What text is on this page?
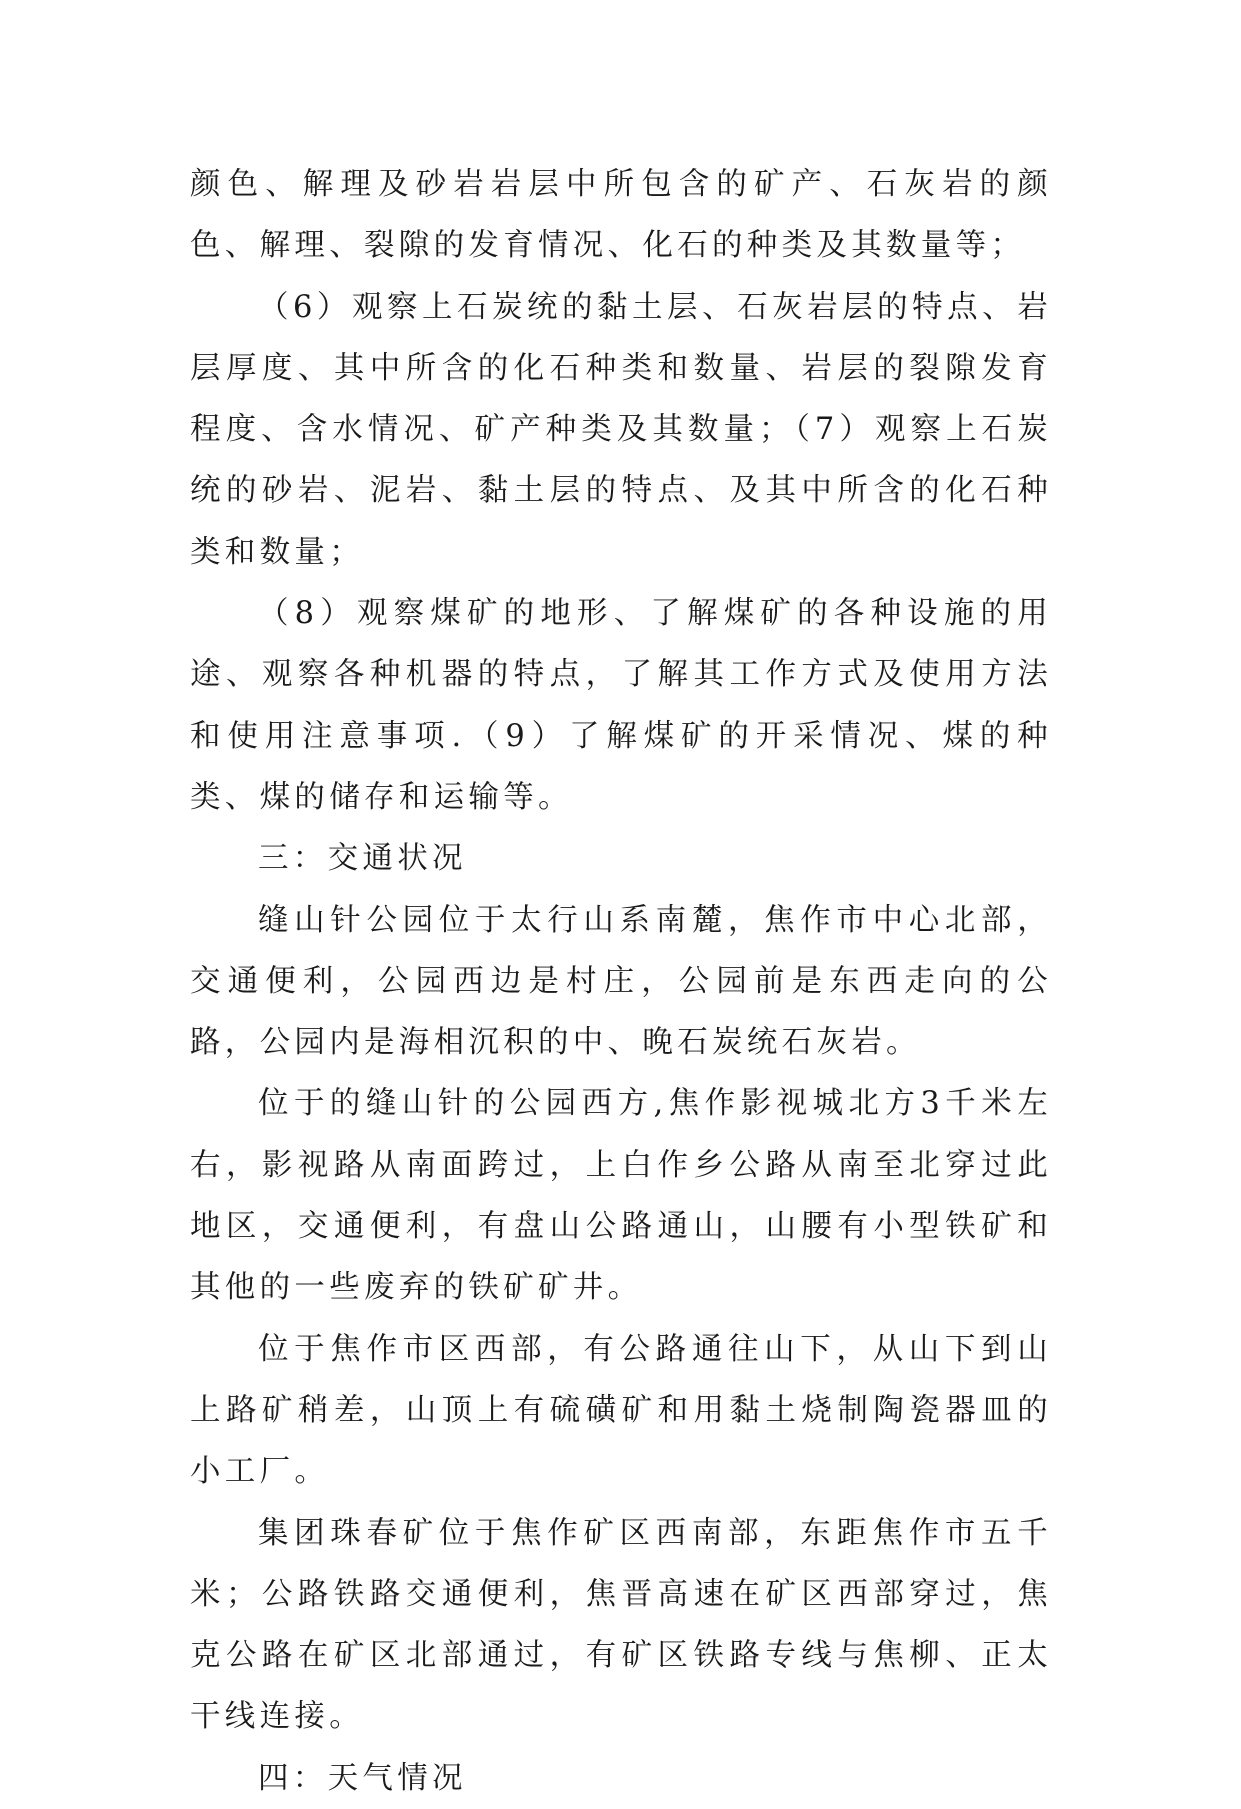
颜色、解理及砂岩岩层中所包含的矿产、石灰岩的颜色、解理、裂隙的发育情况、化石的种类及其数量等；

（6）观察上石炭统的黏土层、石灰岩层的特点、岩层厚度、其中所含的化石种类和数量、岩层的裂隙发育程度、含水情况、矿产种类及其数量；（7）观察上石炭统的砂岩、泥岩、黏土层的特点、及其中所含的化石种类和数量；

（8）观察煤矿的地形、了解煤矿的各种设施的用途、观察各种机器的特点，了解其工作方式及使用方法和使用注意事项.（9）了解煤矿的开采情况、煤的种类、煤的储存和运输等。

三：交通状况

缝山针公园位于太行山系南麓，焦作市中心北部，交通便利，公园西边是村庄，公园前是东西走向的公路，公园内是海相沉积的中、晚石炭统石灰岩。

位于的缝山针的公园西方,焦作影视城北方3千米左右，影视路从南面跨过，上白作乡公路从南至北穿过此地区，交通便利，有盘山公路通山，山腰有小型铁矿和其他的一些废弃的铁矿矿井。

位于焦作市区西部，有公路通往山下，从山下到山上路矿稍差，山顶上有硫磺矿和用黏土烧制陶瓷器皿的小工厂。

集团珠春矿位于焦作矿区西南部，东距焦作市五千米；公路铁路交通便利，焦晋高速在矿区西部穿过，焦克公路在矿区北部通过，有矿区铁路专线与焦柳、正太干线连接。

四：天气情况
